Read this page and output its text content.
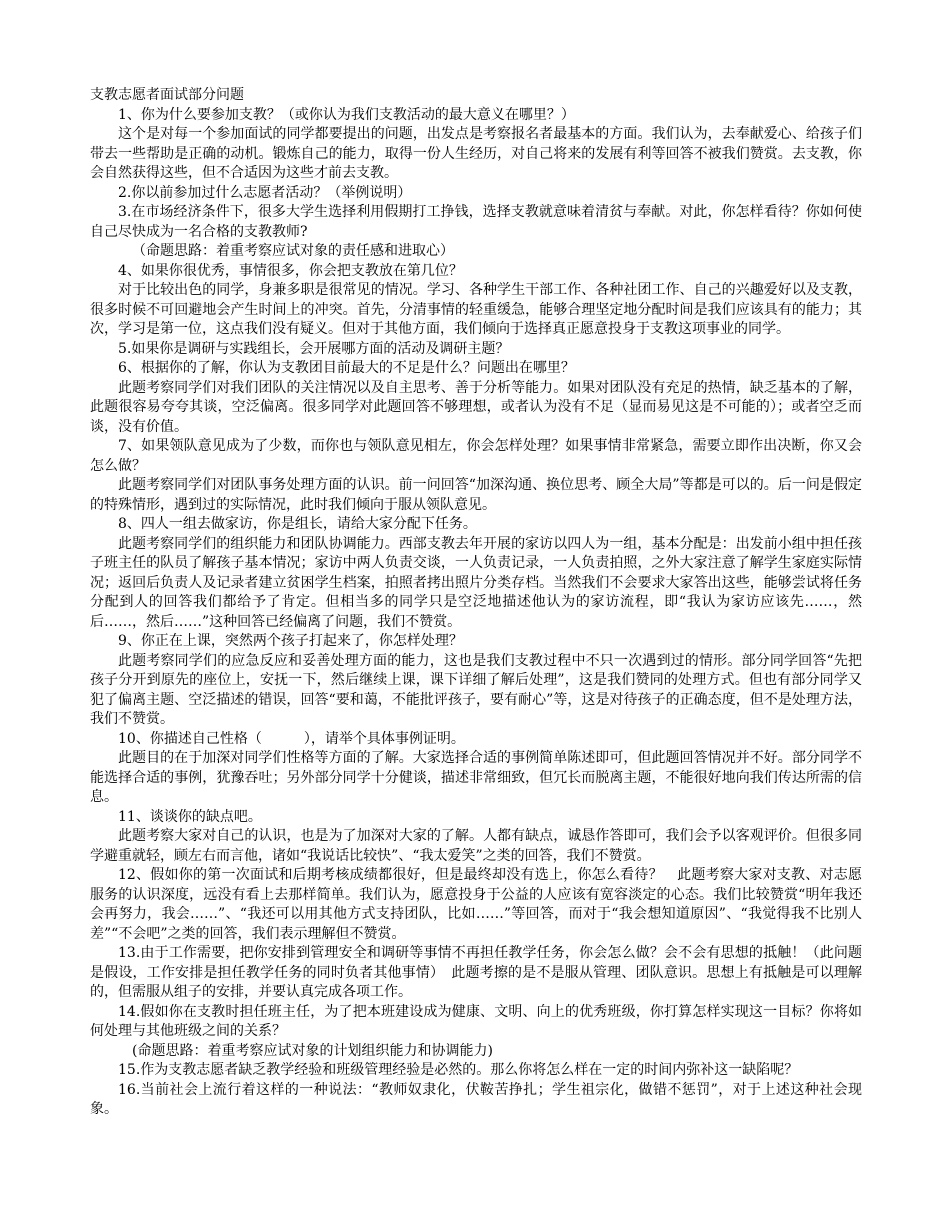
支教志愿者面试部分问题

1、你为什么要参加支教？（或你认为我们支教活动的最大意义在哪里？）

这个是对每一个参加面试的同学都要提出的问题，出发点是考察报名者最基本的方面。我们认为，去奉献爱心、给孩子们带去一些帮助是正确的动机。锻炼自己的能力，取得一份人生经历，对自己将来的发展有利等回答不被我们赞赏。去支教，你会自然获得这些，但不合适因为这些才前去支教。

2.你以前参加过什么志愿者活动？（举例说明）

3.在市场经济条件下，很多大学生选择利用假期打工挣钱，选择支教就意味着清贫与奉献。对此，你怎样看待？你如何使自己尽快成为一名合格的支教教师?

（命题思路：着重考察应试对象的责任感和进取心）

4、如果你很优秀，事情很多，你会把支教放在第几位？

对于比较出色的同学，身兼多职是很常见的情况。学习、各种学生干部工作、各种社团工作、自己的兴趣爱好以及支教，很多时候不可回避地会产生时间上的冲突。首先，分清事情的轻重缓急，能够合理坚定地分配时间是我们应该具有的能力；其次，学习是第一位，这点我们没有疑义。但对于其他方面，我们倾向于选择真正愿意投身于支教这项事业的同学。

5.如果你是调研与实践组长，会开展哪方面的活动及调研主题？

6、根据你的了解，你认为支教团目前最大的不足是什么？问题出在哪里？

此题考察同学们对我们团队的关注情况以及自主思考、善于分析等能力。如果对团队没有充足的热情，缺乏基本的了解，此题很容易夸夸其谈，空泛偏离。很多同学对此题回答不够理想，或者认为没有不足（显而易见这是不可能的）；或者空乏而谈，没有价值。

7、如果领队意见成为了少数，而你也与领队意见相左，你会怎样处理？如果事情非常紧急，需要立即作出决断，你又会怎么做？

此题考察同学们对团队事务处理方面的认识。前一问回答“加深沟通、换位思考、顾全大局”等都是可以的。后一问是假定的特殊情形，遇到过的实际情况，此时我们倾向于服从领队意见。

8、四人一组去做家访，你是组长，请给大家分配下任务。

此题考察同学们的组织能力和团队协调能力。西部支教去年开展的家访以四人为一组，基本分配是：出发前小组中担任孩子班主任的队员了解孩子基本情况；家访中两人负责交谈，一人负责记录，一人负责拍照，之外大家注意了解学生家庭实际情况；返回后负责人及记录者建立贫困学生档案，拍照者拷出照片分类存档。当然我们不会要求大家答出这些，能够尝试将任务分配到人的回答我们都给予了肯定。但相当多的同学只是空泛地描述他认为的家访流程，即“我认为家访应该先……，然后……，然后……”这种回答已经偏离了问题，我们不赞赏。

9、你正在上课，突然两个孩子打起来了，你怎样处理？

此题考察同学们的应急反应和妥善处理方面的能力，这也是我们支教过程中不只一次遇到过的情形。部分同学回答“先把孩子分开到原先的座位上，安抚一下，然后继续上课，课下详细了解后处理”，这是我们赞同的处理方式。但也有部分同学又犯了偏离主题、空泛描述的错误，回答“要和蔼，不能批评孩子，要有耐心”等，这是对待孩子的正确态度，但不是处理方法，我们不赞赏。

10、你描述自己性格（　　　），请举个具体事例证明。

此题目的在于加深对同学们性格等方面的了解。大家选择合适的事例简单陈述即可，但此题回答情况并不好。部分同学不能选择合适的事例，犹豫吞吐；另外部分同学十分健谈，描述非常细致，但冗长而脱离主题，不能很好地向我们传达所需的信息。

11、谈谈你的缺点吧。

此题考察大家对自己的认识，也是为了加深对大家的了解。人都有缺点，诚恳作答即可，我们会予以客观评价。但很多同学避重就轻，顾左右而言他，诸如“我说话比较快”、“我太爱笑”之类的回答，我们不赞赏。

12、假如你的第一次面试和后期考核成绩都很好，但是最终却没有选上，你怎么看待？　此题考察大家对支教、对志愿服务的认识深度，远没有看上去那样简单。我们认为，愿意投身于公益的人应该有宽容淡定的心态。我们比较赞赏“明年我还会再努力，我会……”、“我还可以用其他方式支持团队，比如……”等回答，而对于“我会想知道原因”、“我觉得我不比别人差”“不会吧”之类的回答，我们表示理解但不赞赏。

13.由于工作需要，把你安排到管理安全和调研等事情不再担任教学任务，你会怎么做？会不会有思想的抵触！（此问题是假设，工作安排是担任教学任务的同时负者其他事情）　此题考擦的是不是服从管理、团队意识。思想上有抵触是可以理解的，但需服从组子的安排，并要认真完成各项工作。

14.假如你在支教时担任班主任，为了把本班建设成为健康、文明、向上的优秀班级，你打算怎样实现这一目标？你将如何处理与其他班级之间的关系？

(命题思路：着重考察应试对象的计划组织能力和协调能力)

15.作为支教志愿者缺乏教学经验和班级管理经验是必然的。那么你将怎么样在一定的时间内弥补这一缺陷呢？

16.当前社会上流行着这样的一种说法：“教师奴隶化，伏鞍苦挣扎；学生祖宗化，做错不惩罚”，对于上述这种社会现象。
